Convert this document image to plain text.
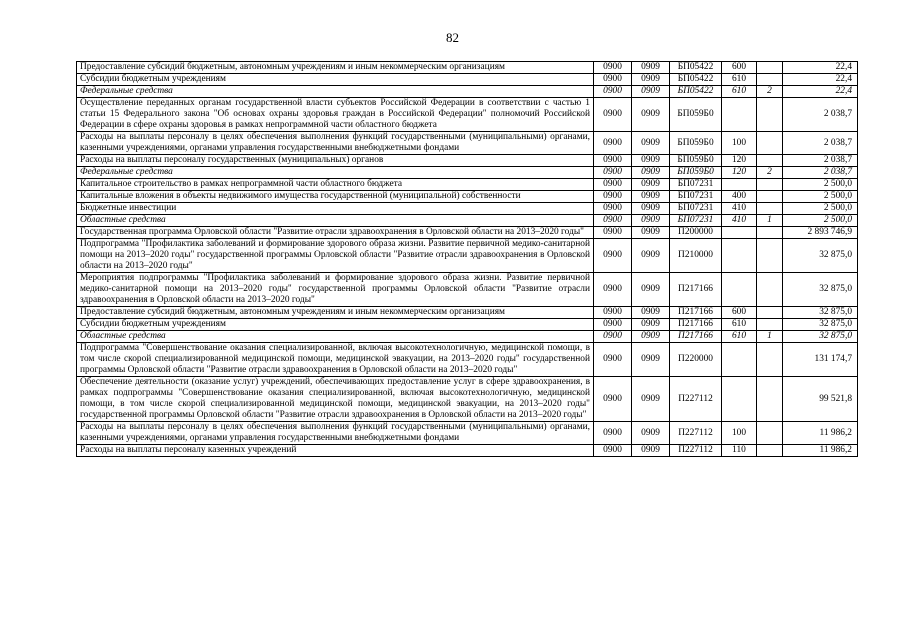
82
Предоставление субсидий бюджетным, автономным учреждениям и иным некоммерческим организациям	0900	0909	БП05422	600		22,4
Субсидии бюджетным учреждениям	0900	0909	БП05422	610		22,4
Федеральные средства	0900	0909	БП05422	610	2	22,4
Осуществление переданных органам государственной власти субъектов Российской Федерации в соответствии с частью 1 статьи 15 Федерального закона "Об основах охраны здоровья граждан в Российской Федерации" полномочий Российской Федерации в сфере охраны здоровья в рамках непрограммной части областного бюджета	0900	0909	БП059Б0			2 038,7
Расходы на выплаты персоналу в целях обеспечения выполнения функций государственными (муниципальными) органами, казенными учреждениями, органами управления государственными внебюджетными фондами	0900	0909	БП059Б0	100		2 038,7
Расходы на выплаты персоналу государственных (муниципальных) органов	0900	0909	БП059Б0	120		2 038,7
Федеральные средства	0900	0909	БП059Б0	120	2	2 038,7
Капитальное строительство в рамках непрограммной части областного бюджета	0900	0909	БП07231			2 500,0
Капитальные вложения в объекты недвижимого имущества государственной (муниципальной) собственности	0900	0909	БП07231	400		2 500,0
Бюджетные инвестиции	0900	0909	БП07231	410		2 500,0
Областные средства	0900	0909	БП07231	410	1	2 500,0
Государственная программа Орловской области "Развитие отрасли здравоохранения в Орловской области на 2013–2020 годы"	0900	0909	П200000			2 893 746,9
Подпрограмма "Профилактика заболеваний и формирование здорового образа жизни. Развитие первичной медико-санитарной помощи на 2013–2020 годы" государственной программы Орловской области "Развитие отрасли здравоохранения в Орловской области на 2013–2020 годы"	0900	0909	П210000			32 875,0
Мероприятия подпрограммы "Профилактика заболеваний и формирование здорового образа жизни. Развитие первичной медико-санитарной помощи на 2013–2020 годы" государственной программы Орловской области "Развитие отрасли здравоохранения в Орловской области на 2013–2020 годы"	0900	0909	П217166			32 875,0
Предоставление субсидий бюджетным, автономным учреждениям и иным некоммерческим организациям	0900	0909	П217166	600		32 875,0
Субсидии бюджетным учреждениям	0900	0909	П217166	610		32 875,0
Областные средства	0900	0909	П217166	610	1	32 875,0
Подпрограмма "Совершенствование оказания специализированной, включая высокотехнологичную, медицинской помощи, в том числе скорой специализированной медицинской помощи, медицинской эвакуации, на 2013–2020 годы" государственной программы Орловской области "Развитие отрасли здравоохранения в Орловской области на 2013–2020 годы"	0900	0909	П220000			131 174,7
Обеспечение деятельности (оказание услуг) учреждений, обеспечивающих предоставление услуг в сфере здравоохранения, в рамках подпрограммы "Совершенствование оказания специализированной, включая высокотехнологичную, медицинской помощи, в том числе скорой специализированной медицинской помощи, медицинской эвакуации, на 2013–2020 годы" государственной программы Орловской области "Развитие отрасли здравоохранения в Орловской области на 2013–2020 годы"	0900	0909	П227112			99 521,8
Расходы на выплаты персоналу в целях обеспечения выполнения функций государственными (муниципальными) органами, казенными учреждениями, органами управления государственными внебюджетными фондами	0900	0909	П227112	100		11 986,2
Расходы на выплаты персоналу казенных учреждений	0900	0909	П227112	110		11 986,2
